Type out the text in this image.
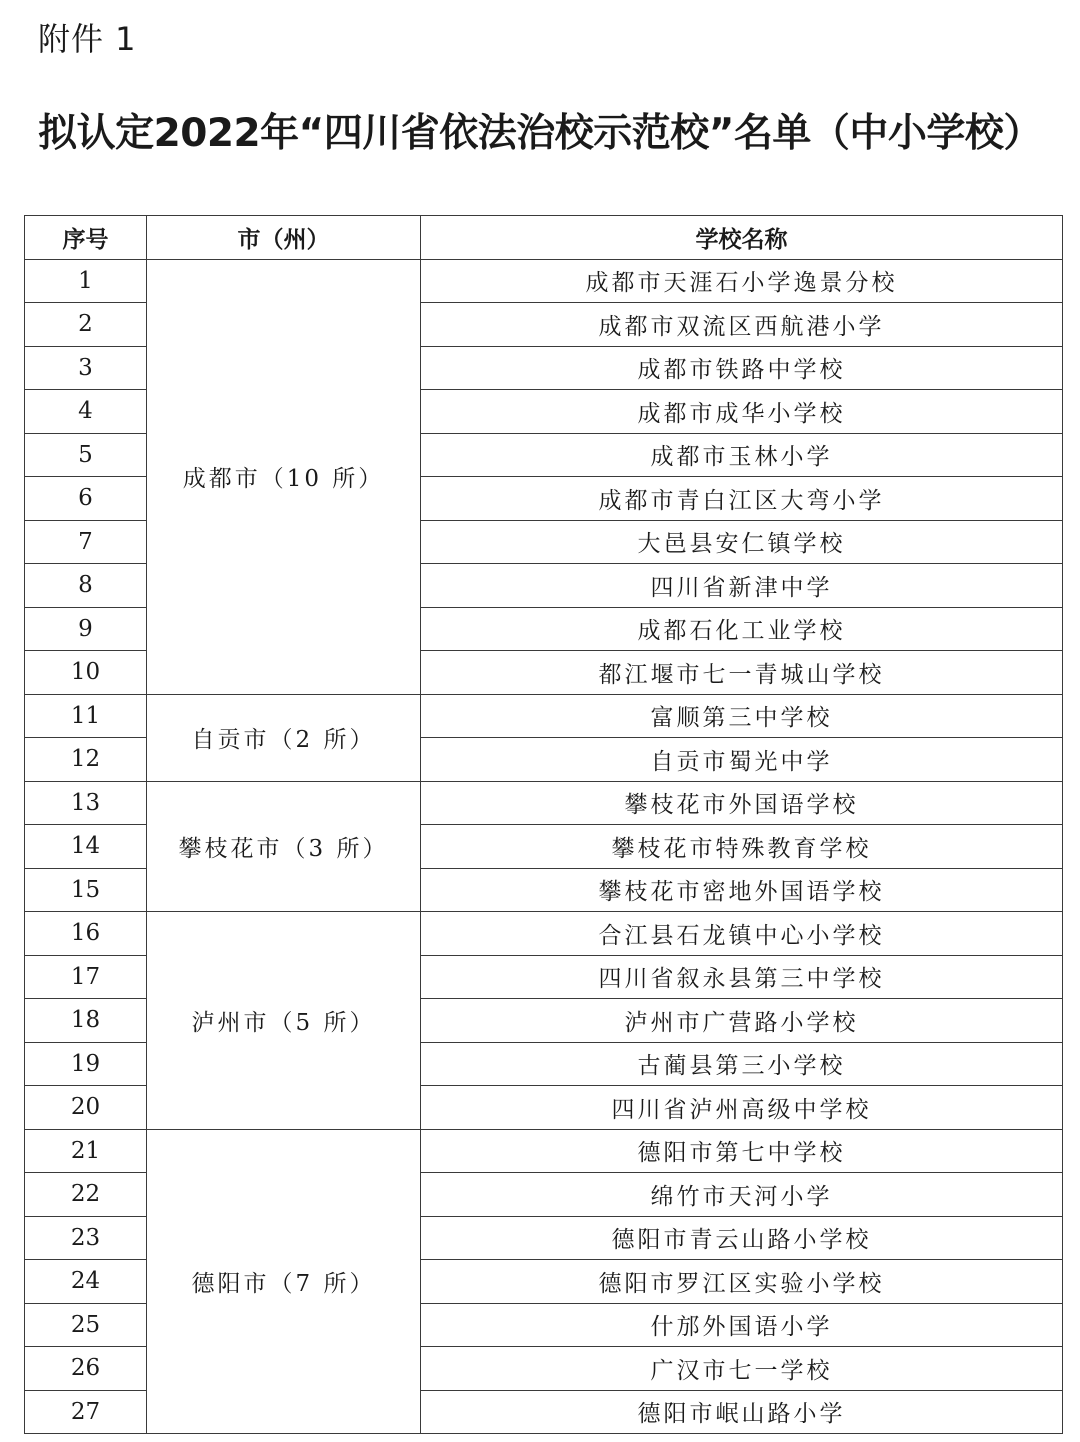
附件 1
拟认定2022年“四川省依法治校示范校”名单（中小学校）
序号	市（州）	学校名称
1	成都市（10 所）	成都市天涯石小学逸景分校
2		成都市双流区西航港小学
3		成都市铁路中学校
4		成都市成华小学校
5		成都市玉林小学
6		成都市青白江区大弯小学
7		大邑县安仁镇学校
8		四川省新津中学
9		成都石化工业学校
10		都江堰市七一青城山学校
11	自贡市（2 所）	富顺第三中学校
12		自贡市蜀光中学
13	攀枝花市（3 所）	攀枝花市外国语学校
14		攀枝花市特殊教育学校
15		攀枝花市密地外国语学校
16	泸州市（5 所）	合江县石龙镇中心小学校
17		四川省叙永县第三中学校
18		泸州市广营路小学校
19		古蔺县第三小学校
20		四川省泸州高级中学校
21	德阳市（7 所）	德阳市第七中学校
22		绵竹市天河小学
23		德阳市青云山路小学校
24		德阳市罗江区实验小学校
25		什邡外国语小学
26		广汉市七一学校
27		德阳市岷山路小学
